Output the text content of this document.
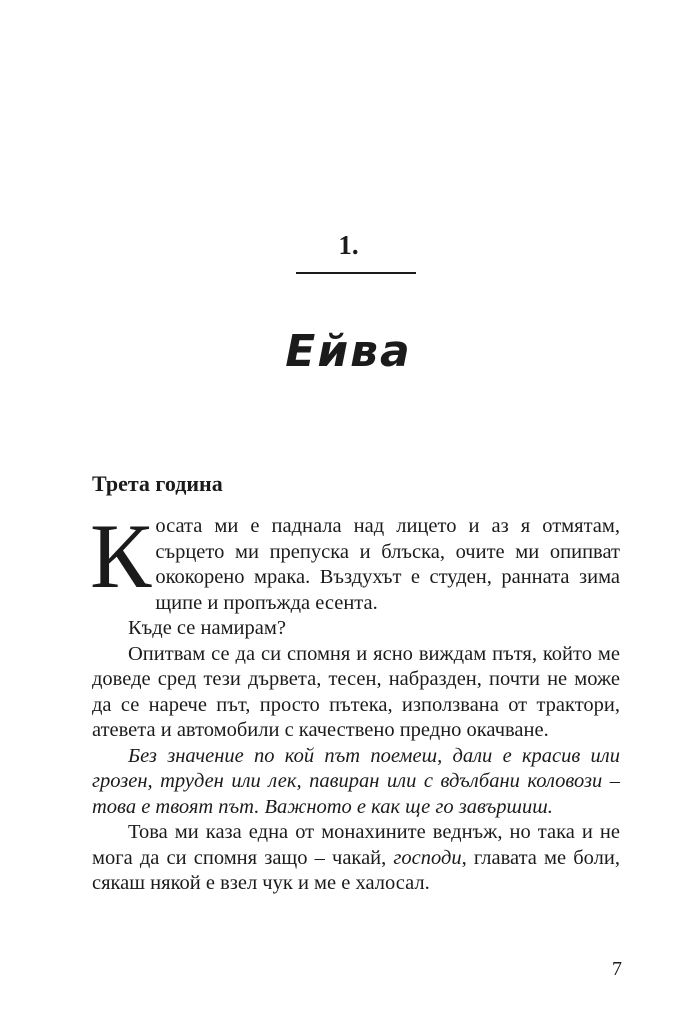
1.
Ейва
Трета година

Косата ми е паднала над лицето и аз я отмятам, сърцето ми препуска и блъска, очите ми опипват ококорено мрака. Въздухът е студен, ранната зима щипе и пропъжда есента.

Къде се намирам?

Опитвам се да си спомня и ясно виждам пътя, който ме доведе сред тези дървета, тесен, набразден, почти не може да се нарече път, просто пътека, използвана от трактори, атевета и автомобили с качествено предно окачване.

Без значение по кой път поемеш, дали е красив или грозен, труден или лек, павиран или с вдълбани коловози – това е твоят път. Важното е как ще го завършиш.

Това ми каза една от монахините веднъж, но така и не мога да си спомня защо – чакай, господи, главата ме боли, сякаш някой е взел чук и ме е халосал.

7
